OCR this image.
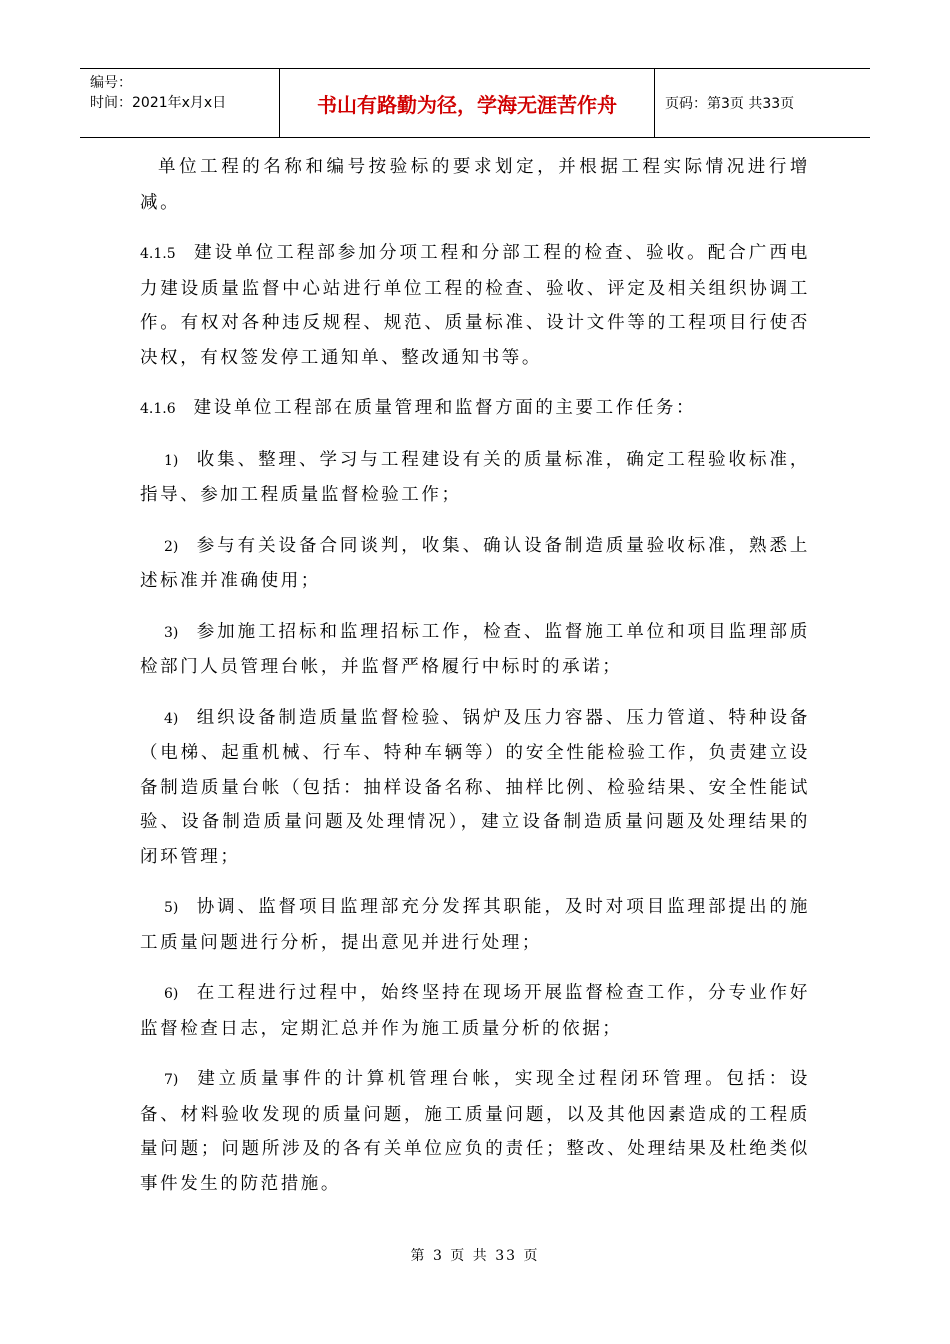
编号：
时间：2021年x月x日	书山有路勤为径，学海无涯苦作舟	页码：第3页 共33页

单位工程的名称和编号按验标的要求划定，并根据工程实际情况进行增减。

4.1.5 建设单位工程部参加分项工程和分部工程的检查、验收。配合广西电力建设质量监督中心站进行单位工程的检查、验收、评定及相关组织协调工作。有权对各种违反规程、规范、质量标准、设计文件等的工程项目行使否决权，有权签发停工通知单、整改通知书等。

4.1.6 建设单位工程部在质量管理和监督方面的主要工作任务：

1) 收集、整理、学习与工程建设有关的质量标准，确定工程验收标准，指导、参加工程质量监督检验工作；

2) 参与有关设备合同谈判，收集、确认设备制造质量验收标准，熟悉上述标准并准确使用；

3) 参加施工招标和监理招标工作，检查、监督施工单位和项目监理部质检部门人员管理台帐，并监督严格履行中标时的承诺；

4) 组织设备制造质量监督检验、锅炉及压力容器、压力管道、特种设备（电梯、起重机械、行车、特种车辆等）的安全性能检验工作，负责建立设备制造质量台帐（包括：抽样设备名称、抽样比例、检验结果、安全性能试验、设备制造质量问题及处理情况），建立设备制造质量问题及处理结果的闭环管理；

5) 协调、监督项目监理部充分发挥其职能，及时对项目监理部提出的施工质量问题进行分析，提出意见并进行处理；

6) 在工程进行过程中，始终坚持在现场开展监督检查工作，分专业作好监督检查日志，定期汇总并作为施工质量分析的依据；

7) 建立质量事件的计算机管理台帐，实现全过程闭环管理。包括：设备、材料验收发现的质量问题，施工质量问题，以及其他因素造成的工程质量问题；问题所涉及的各有关单位应负的责任；整改、处理结果及杜绝类似事件发生的防范措施。

第 3 页 共 33 页
